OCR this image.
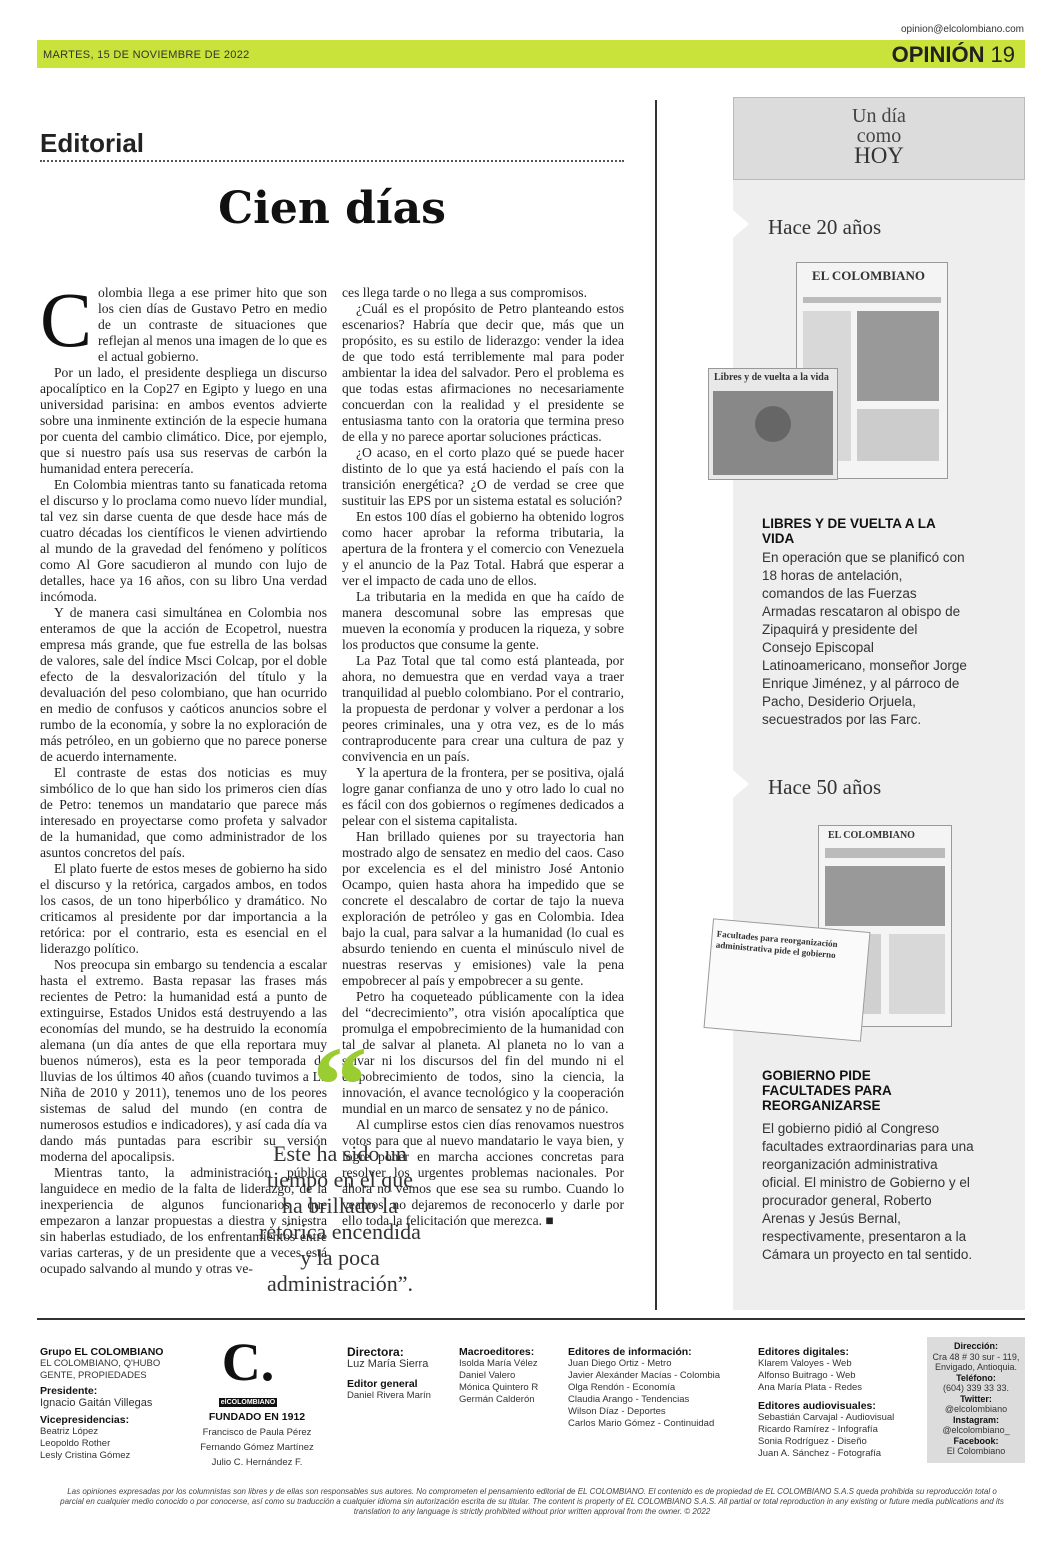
opinion@elcolombiano.com
MARTES, 15 DE NOVIEMBRE DE 2022	OPINIÓN 19
Editorial
Cien días
C olombia llega a ese primer hito que son los cien días de Gustavo Petro en medio de un contraste de situaciones que reflejan al menos una imagen de lo que es el actual gobierno.

Por un lado, el presidente despliega un discurso apocalíptico en la Cop27 en Egipto y luego en una universidad parisina: en ambos eventos advierte sobre una inminente extinción de la especie humana por cuenta del cambio climático. Dice, por ejemplo, que si nuestro país usa sus reservas de carbón la humanidad entera perecería.

En Colombia mientras tanto su fanaticada retoma el discurso y lo proclama como nuevo líder mundial, tal vez sin darse cuenta de que desde hace más de cuatro décadas los científicos le vienen advirtiendo al mundo de la gravedad del fenómeno y políticos como Al Gore sacudieron al mundo con lujo de detalles, hace ya 16 años, con su libro Una verdad incómoda.

Y de manera casi simultánea en Colombia nos enteramos de que la acción de Ecopetrol, nuestra empresa más grande, que fue estrella de las bolsas de valores, sale del índice Msci Colcap, por el doble efecto de la desvalorización del título y la devaluación del peso colombiano, que han ocurrido en medio de confusos y caóticos anuncios sobre el rumbo de la economía, y sobre la no exploración de más petróleo, en un gobierno que no parece ponerse de acuerdo internamente.

El contraste de estas dos noticias es muy simbólico de lo que han sido los primeros cien días de Petro: tenemos un mandatario que parece más interesado en proyectarse como profeta y salvador de la humanidad, que como administrador de los asuntos concretos del país.

El plato fuerte de estos meses de gobierno ha sido el discurso y la retórica, cargados ambos, en todos los casos, de un tono hiperbólico y dramático. No criticamos al presidente por dar importancia a la retórica: por el contrario, esta es esencial en el liderazgo político.

Nos preocupa sin embargo su tendencia a escalar hasta el extremo. Basta repasar las frases más recientes de Petro: la humanidad está a punto de extinguirse, Estados Unidos está destruyendo a las economías del mundo, se ha destruido la economía alemana (un día antes de que ella reportara muy buenos números), esta es la peor temporada de lluvias de los últimos 40 años (cuando tuvimos a La Niña de 2010 y 2011), tenemos uno de los peores sistemas de salud del mundo (en contra de numerosos estudios e indicadores), y así cada día va dando más puntadas para escribir su versión moderna del apocalipsis.

Mientras tanto, la administración pública languidece en medio de la falta de liderazgo, de la inexperiencia de algunos funcionarios que empezaron a lanzar propuestas a diestra y siniestra sin haberlas estudiado, de los enfrentamientos entre varias carteras, y de un presidente que a veces está ocupado salvando al mundo y otras ve-

ces llega tarde o no llega a sus compromisos.

¿Cuál es el propósito de Petro planteando estos escenarios? Habría que decir que, más que un propósito, es su estilo de liderazgo: vender la idea de que todo está terriblemente mal para poder ambientar la idea del salvador. Pero el problema es que todas estas afirmaciones no necesariamente concuerdan con la realidad y el presidente se entusiasma tanto con la oratoria que termina preso de ella y no parece aportar soluciones prácticas.

¿O acaso, en el corto plazo qué se puede hacer distinto de lo que ya está haciendo el país con la transición energética? ¿O de verdad se cree que sustituir las EPS por un sistema estatal es solución?

En estos 100 días el gobierno ha obtenido logros como hacer aprobar la reforma tributaria, la apertura de la frontera y el comercio con Venezuela y el anuncio de la Paz Total. Habrá que esperar a ver el impacto de cada uno de ellos.

La tributaria en la medida en que ha caído de manera descomunal sobre las empresas que mueven la economía y producen la riqueza, y sobre los productos que consume la gente.

La Paz Total que tal como está planteada, por ahora, no demuestra que en verdad vaya a traer tranquilidad al pueblo colombiano. Por el contrario, la propuesta de perdonar y volver a perdonar a los peores criminales, una y otra vez, es de lo más contraproducente para crear una cultura de paz y convivencia en un país.

Y la apertura de la frontera, per se positiva, ojalá logre ganar confianza de uno y otro lado lo cual no es fácil con dos gobiernos o regímenes dedicados a pelear con el sistema capitalista.

Han brillado quienes por su trayectoria han mostrado algo de sensatez en medio del caos. Caso por excelencia es el del ministro José Antonio Ocampo, quien hasta ahora ha impedido que se concrete el descalabro de cortar de tajo la nueva exploración de petróleo y gas en Colombia. Idea bajo la cual, para salvar a la humanidad (lo cual es absurdo teniendo en cuenta el minúsculo nivel de nuestras reservas y emisiones) vale la pena empobrecer al país y empobrecer a su gente.

Petro ha coqueteado públicamente con la idea del “decrecimiento”, otra visión apocalíptica que promulga el empobrecimiento de la humanidad con tal de salvar al planeta. Al planeta no lo van a salvar ni los discursos del fin del mundo ni el empobrecimiento de todos, sino la ciencia, la innovación, el avance tecnológico y la cooperación mundial en un marco de sensatez y no de pánico.

Al cumplirse estos cien días renovamos nuestros votos para que al nuevo mandatario le vaya bien, y logre poner en marcha acciones concretas para resolver los urgentes problemas nacionales. Por ahora no vemos que ese sea su rumbo. Cuando lo veamos, no dejaremos de reconocerlo y darle por ello toda la felicitación que merezca. ■

“
Este ha sido un tiempo en el que ha brillado la retórica encendida y la poca administración”.
Un día
como
HOY
Hace 20 años
EL COLOMBIANO
Libres y de vuelta a la vida
LIBRES Y DE VUELTA A LA VIDA
En operación que se planificó con 18 horas de antelación, comandos de las Fuerzas Armadas rescataron al obispo de Zipaquirá y presidente del Consejo Episcopal Latinoamericano, monseñor Jorge Enrique Jiménez, y al párroco de Pacho, Desiderio Orjuela, secuestrados por las Farc.
Hace 50 años
EL COLOMBIANO
Facultades para reorganización administrativa pide el gobierno
GOBIERNO PIDE FACULTADES PARA REORGANIZARSE
El gobierno pidió al Congreso facultades extraordinarias para una reorganización administrativa oficial. El ministro de Gobierno y el procurador general, Roberto Arenas y Jesús Bernal, respectivamente, presentaron a la Cámara un proyecto en tal sentido.
Grupo EL COLOMBIANO
EL COLOMBIANO, Q'HUBO
GENTE, PROPIEDADES
Presidente:
Ignacio Gaitán Villegas
Vicepresidencias:
Beatriz López
Leopoldo Rother
Lesly Cristina Gómez
C.
elCOLOMBIANO
FUNDADO EN 1912
Francisco de Paula Pérez
Fernando Gómez Martínez
Julio C. Hernández F.
Directora:
Luz María Sierra
Editor general
Daniel Rivera Marín
Macroeditores:
Isolda María Vélez
Daniel Valero
Mónica Quintero R
Germán Calderón
Editores de información:
Juan Diego Ortiz - Metro
Javier Alexánder Macías - Colombia
Olga Rendón - Economía
Claudia Arango - Tendencias
Wilson Díaz - Deportes
Carlos Mario Gómez - Continuidad
Editores digitales:
Klarem Valoyes - Web
Alfonso Buitrago - Web
Ana María Plata - Redes
Editores audiovisuales:
Sebastián Carvajal - Audiovisual
Ricardo Ramírez - Infografía
Sonia Rodríguez - Diseño
Juan A. Sánchez - Fotografía
Dirección:
Cra 48 # 30 sur - 119, Envigado, Antioquia.
Teléfono:
(604) 339 33 33.
Twitter:
@elcolombiano
Instagram:
@elcolombiano_
Facebook:
El Colombiano
Las opiniones expresadas por los columnistas son libres y de ellas son responsables sus autores. No comprometen el pensamiento editorial de EL COLOMBIANO. El contenido es de propiedad de EL COLOMBIANO S.A.S queda prohibida su reproducción total o parcial en cualquier medio conocido o por conocerse, así como su traducción a cualquier idioma sin autorización escrita de su titular. The content is property of EL COLOMBIANO S.A.S. All partial or total reproduction in any existing or future media publications and its translation to any language is strictly prohibited without prior written approval from the owner. © 2022
